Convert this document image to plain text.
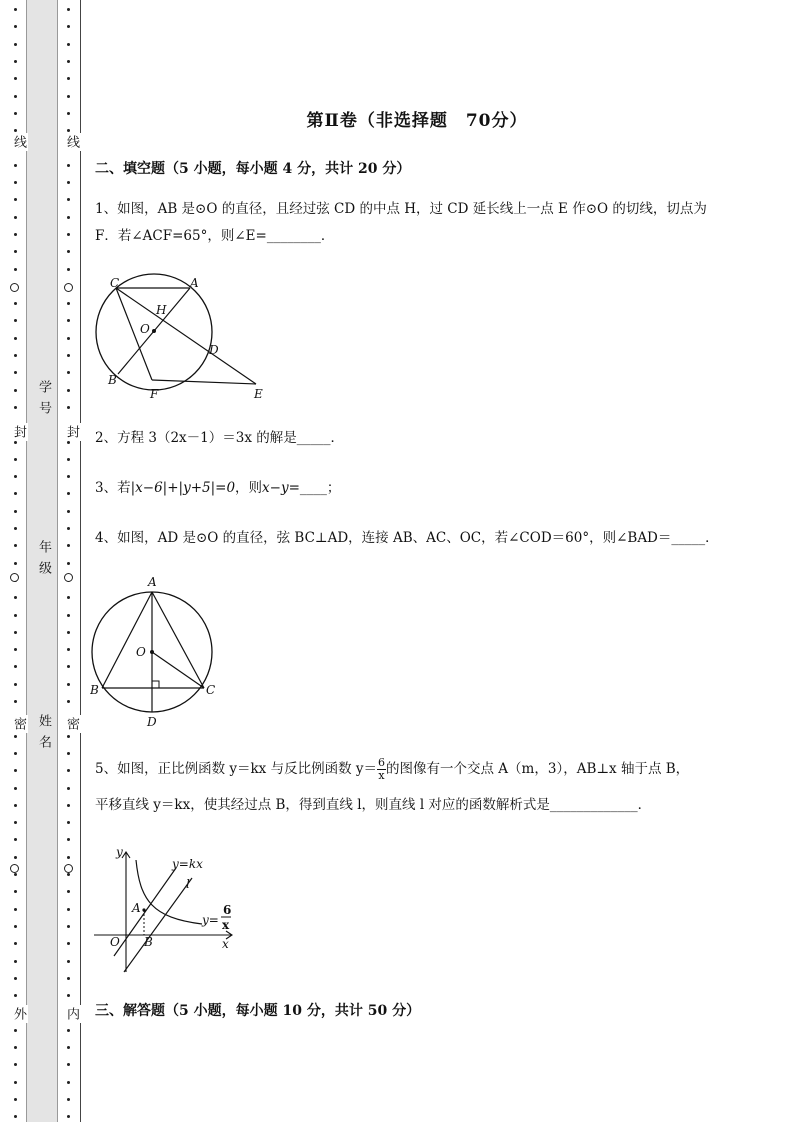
线
封
密
外
线
封
密
内
学号
年级
姓名
第Ⅱ卷（非选择题　70分）
二、填空题（5 小题，每小题 4 分，共计 20 分）
1、如图，AB 是⊙O 的直径，且经过弦 CD 的中点 H，过 CD 延长线上一点 E 作⊙O 的切线，切点为
F．若∠ACF=65°，则∠E=________．
C	A
H
O
D
B
F	E
2、方程 3（2x－1）＝3x 的解是_____．
3、若|x−6|+|y+5|=0，则x−y=____；
4、如图，AD 是⊙O 的直径，弦 BC⊥AD，连接 AB、AC、OC，若∠COD＝60°，则∠BAD＝_____．
A
O
B	C
D
5、如图，正比例函数 y＝kx 与反比例函数 $y= \frac{6}{x}$ 的图像有一个交点 A（m，3），AB⊥x 轴于点 B，
平移直线 y＝kx，使其经过点 B，得到直线 l，则直线 l 对应的函数解析式是_____________．
y
x
O
A
B
l
y=kx
y=
6
x
三、解答题（5 小题，每小题 10 分，共计 50 分）
